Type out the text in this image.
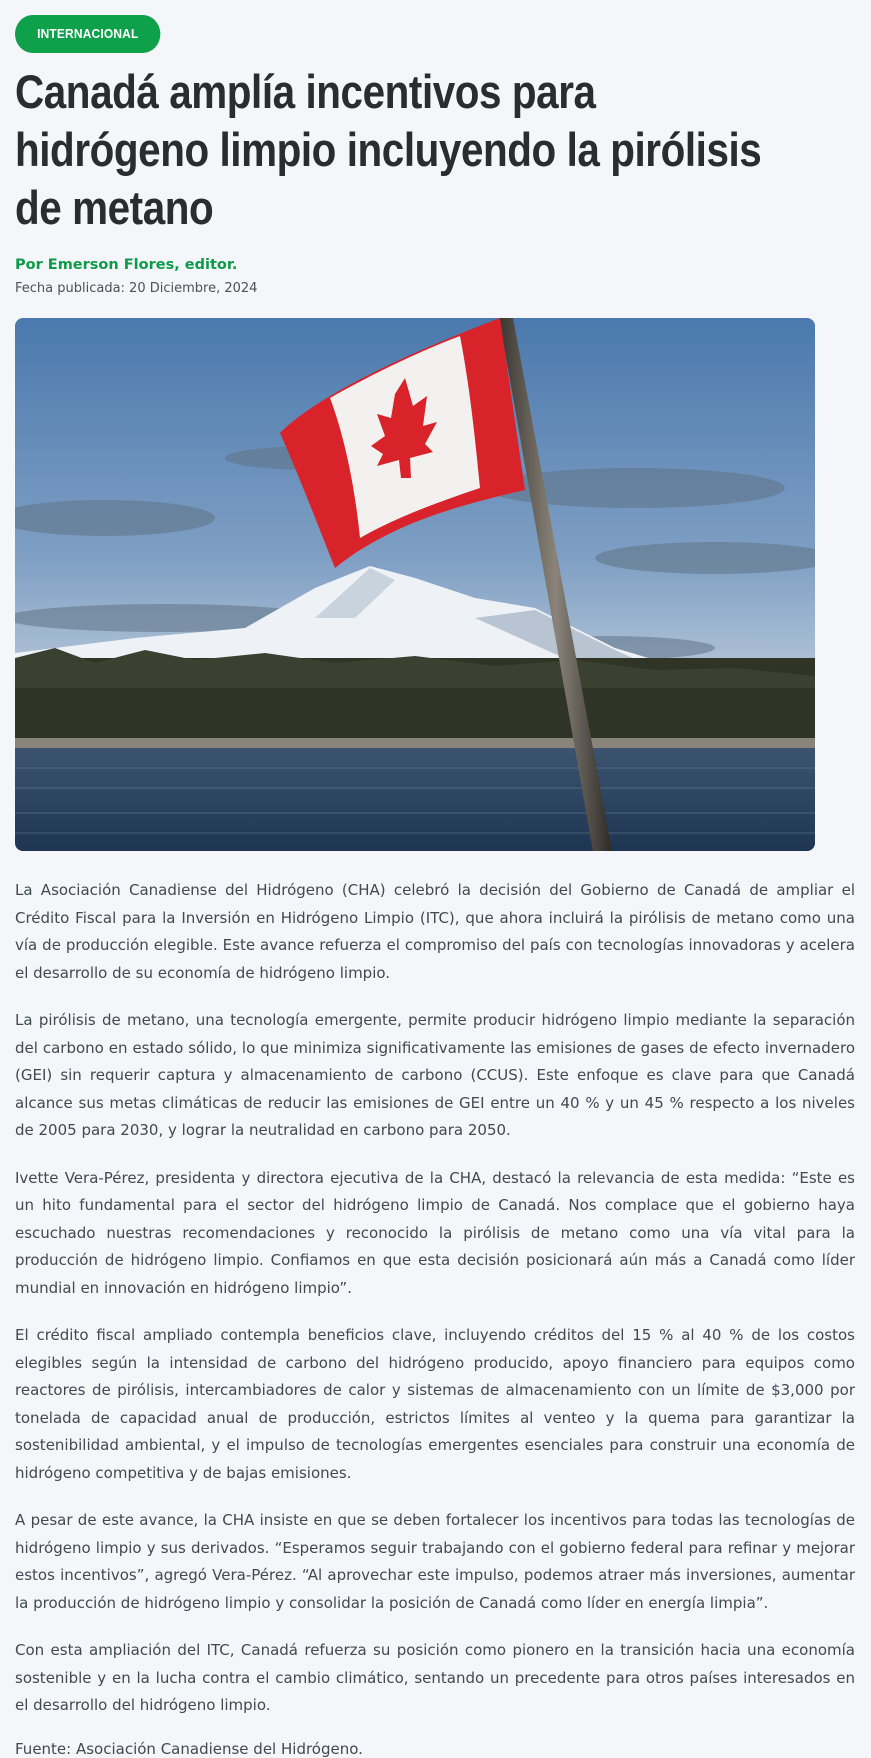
INTERNACIONAL
Canadá amplía incentivos para hidrógeno limpio incluyendo la pirólisis de metano
Por Emerson Flores, editor.
Fecha publicada: 20 Diciembre, 2024

La Asociación Canadiense del Hidrógeno (CHA) celebró la decisión del Gobierno de Canadá de ampliar el Crédito Fiscal para la Inversión en Hidrógeno Limpio (ITC), que ahora incluirá la pirólisis de metano como una vía de producción elegible. Este avance refuerza el compromiso del país con tecnologías innovadoras y acelera el desarrollo de su economía de hidrógeno limpio.

La pirólisis de metano, una tecnología emergente, permite producir hidrógeno limpio mediante la separación del carbono en estado sólido, lo que minimiza significativamente las emisiones de gases de efecto invernadero (GEI) sin requerir captura y almacenamiento de carbono (CCUS). Este enfoque es clave para que Canadá alcance sus metas climáticas de reducir las emisiones de GEI entre un 40 % y un 45 % respecto a los niveles de 2005 para 2030, y lograr la neutralidad en carbono para 2050.

Ivette Vera-Pérez, presidenta y directora ejecutiva de la CHA, destacó la relevancia de esta medida: “Este es un hito fundamental para el sector del hidrógeno limpio de Canadá. Nos complace que el gobierno haya escuchado nuestras recomendaciones y reconocido la pirólisis de metano como una vía vital para la producción de hidrógeno limpio. Confiamos en que esta decisión posicionará aún más a Canadá como líder mundial en innovación en hidrógeno limpio”.

El crédito fiscal ampliado contempla beneficios clave, incluyendo créditos del 15 % al 40 % de los costos elegibles según la intensidad de carbono del hidrógeno producido, apoyo financiero para equipos como reactores de pirólisis, intercambiadores de calor y sistemas de almacenamiento con un límite de $3,000 por tonelada de capacidad anual de producción, estrictos límites al venteo y la quema para garantizar la sostenibilidad ambiental, y el impulso de tecnologías emergentes esenciales para construir una economía de hidrógeno competitiva y de bajas emisiones.

A pesar de este avance, la CHA insiste en que se deben fortalecer los incentivos para todas las tecnologías de hidrógeno limpio y sus derivados. “Esperamos seguir trabajando con el gobierno federal para refinar y mejorar estos incentivos”, agregó Vera-Pérez. “Al aprovechar este impulso, podemos atraer más inversiones, aumentar la producción de hidrógeno limpio y consolidar la posición de Canadá como líder en energía limpia”.

Con esta ampliación del ITC, Canadá refuerza su posición como pionero en la transición hacia una economía sostenible y en la lucha contra el cambio climático, sentando un precedente para otros países interesados en el desarrollo del hidrógeno limpio.

Fuente: Asociación Canadiense del Hidrógeno.
